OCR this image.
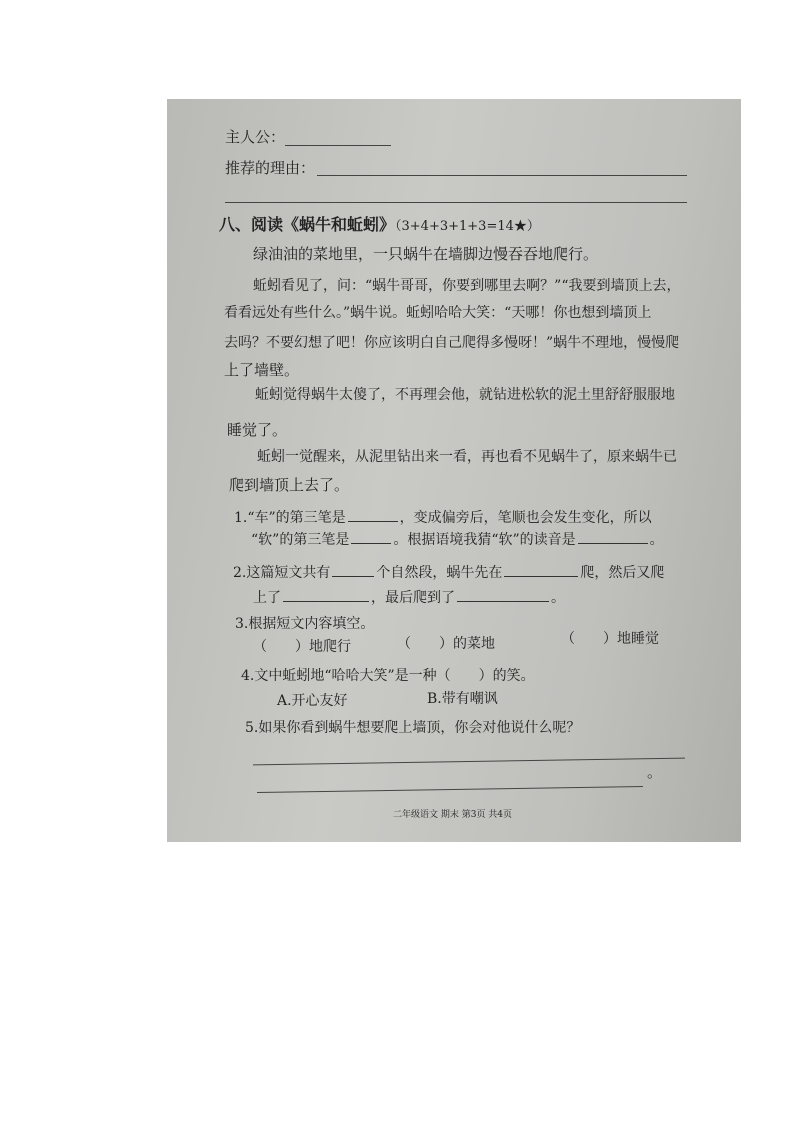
主人公：
推荐的理由：
八、阅读《蜗牛和蚯蚓》（3+4+3+1+3=14★）
绿油油的菜地里，一只蜗牛在墙脚边慢吞吞地爬行。
蚯蚓看见了，问：“蜗牛哥哥，你要到哪里去啊？”“我要到墙顶上去，
看看远处有些什么。”蜗牛说。蚯蚓哈哈大笑：“天哪！你也想到墙顶上
去吗？不要幻想了吧！你应该明白自己爬得多慢呀！”蜗牛不理地，慢慢爬
上了墙壁。
蚯蚓觉得蜗牛太傻了，不再理会他，就钻进松软的泥土里舒舒服服地
睡觉了。
蚯蚓一觉醒来，从泥里钻出来一看，再也看不见蜗牛了，原来蜗牛已
爬到墙顶上去了。
1.“车”的第三笔是	，变成偏旁后，笔顺也会发生变化，所以
“软”的第三笔是	。根据语境我猜“软”的读音是	。
2.这篇短文共有	个自然段，蜗牛先在	爬，然后又爬
上了	，最后爬到了	。
3.根据短文内容填空。
（　　）地爬行	（　　）的菜地	（　　）地睡觉
4.文中蚯蚓地“哈哈大笑”是一种（　　）的笑。
A.开心友好	B.带有嘲讽
5.如果你看到蜗牛想要爬上墙顶，你会对他说什么呢？
。
二年级语文 期末 第3页 共4页
